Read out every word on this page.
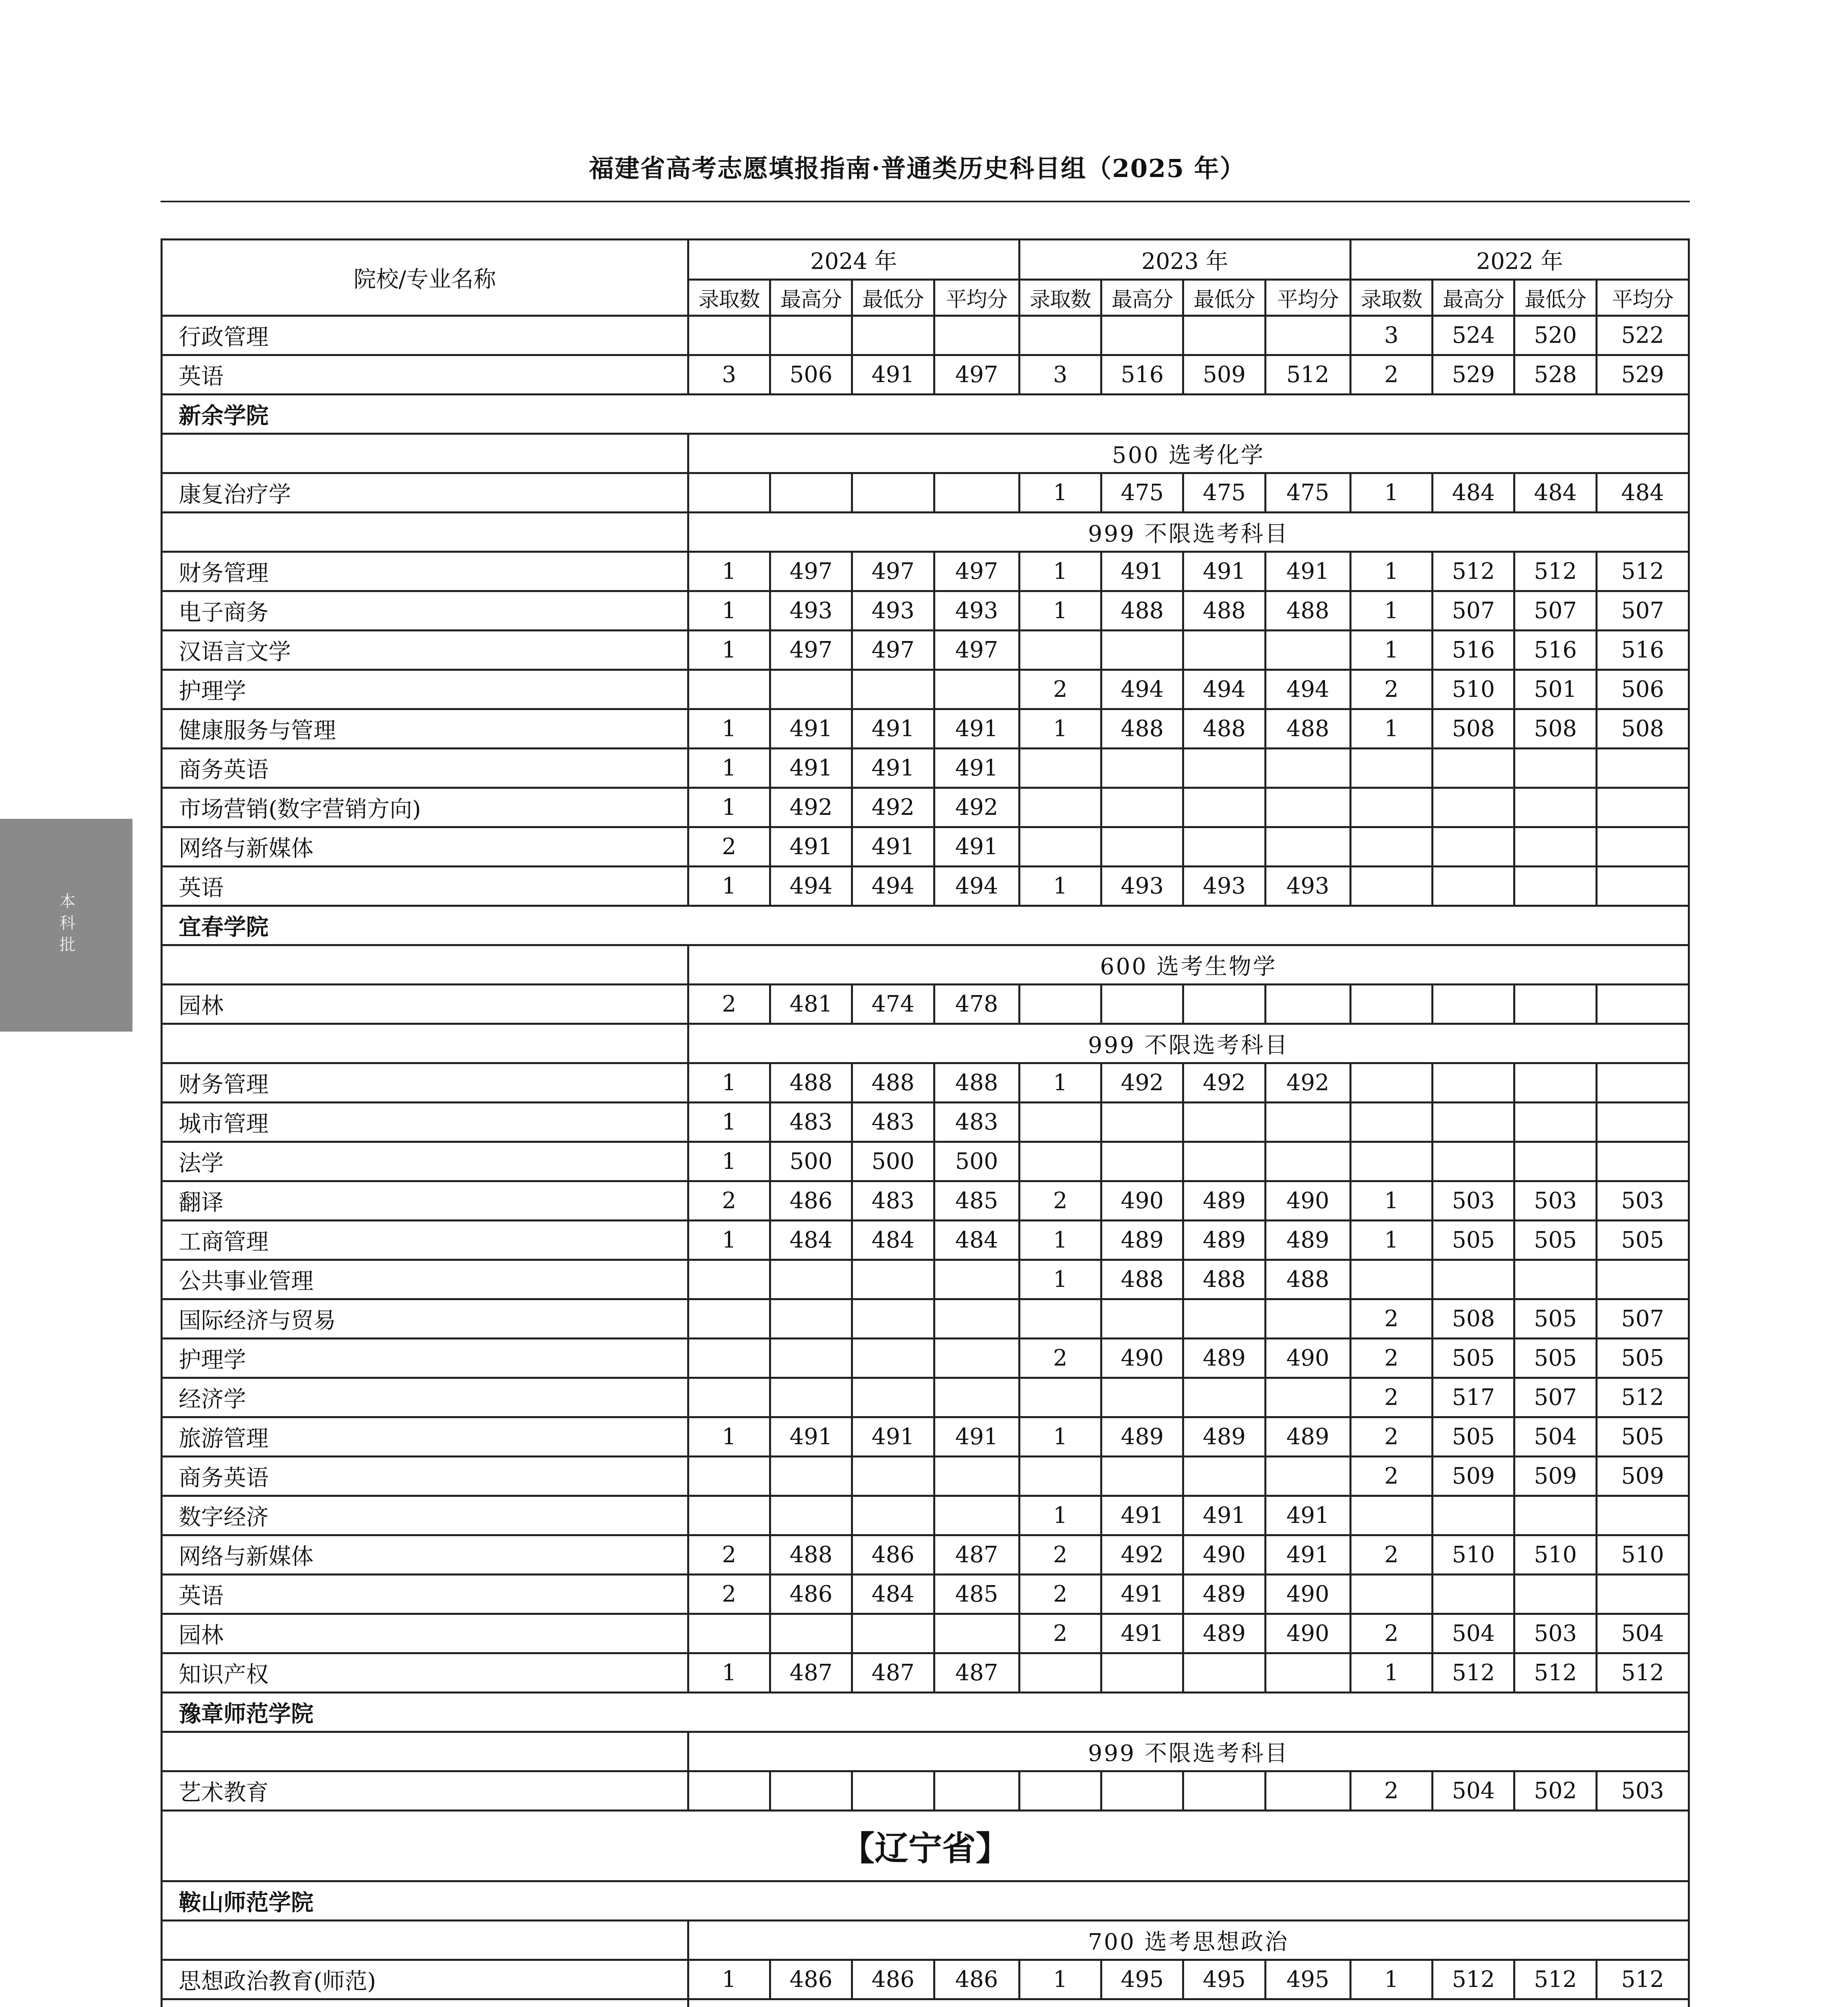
福建省高考志愿填报指南·普通类历史科目组（2025 年）
本科批
院校/专业名称	2024 年				2023 年				2022 年			
	录取数	最高分	最低分	平均分	录取数	最高分	最低分	平均分	录取数	最高分	最低分	平均分
行政管理									3	524	520	522
英语	3	506	491	497	3	516	509	512	2	529	528	529
新余学院												
	500 选考化学											
康复治疗学					1	475	475	475	1	484	484	484
	999 不限选考科目											
财务管理	1	497	497	497	1	491	491	491	1	512	512	512
电子商务	1	493	493	493	1	488	488	488	1	507	507	507
汉语言文学	1	497	497	497					1	516	516	516
护理学					2	494	494	494	2	510	501	506
健康服务与管理	1	491	491	491	1	488	488	488	1	508	508	508
商务英语	1	491	491	491								
市场营销(数字营销方向)	1	492	492	492								
网络与新媒体	2	491	491	491								
英语	1	494	494	494	1	493	493	493				
宜春学院												
	600 选考生物学											
园林	2	481	474	478								
	999 不限选考科目											
财务管理	1	488	488	488	1	492	492	492				
城市管理	1	483	483	483								
法学	1	500	500	500								
翻译	2	486	483	485	2	490	489	490	1	503	503	503
工商管理	1	484	484	484	1	489	489	489	1	505	505	505
公共事业管理					1	488	488	488				
国际经济与贸易									2	508	505	507
护理学					2	490	489	490	2	505	505	505
经济学									2	517	507	512
旅游管理	1	491	491	491	1	489	489	489	2	505	504	505
商务英语									2	509	509	509
数字经济					1	491	491	491				
网络与新媒体	2	488	486	487	2	492	490	491	2	510	510	510
英语	2	486	484	485	2	491	489	490				
园林					2	491	489	490	2	504	503	504
知识产权	1	487	487	487					1	512	512	512
豫章师范学院												
	999 不限选考科目											
艺术教育									2	504	502	503
【辽宁省】												
鞍山师范学院												
	700 选考思想政治											
思想政治教育(师范)	1	486	486	486	1	495	495	495	1	512	512	512
